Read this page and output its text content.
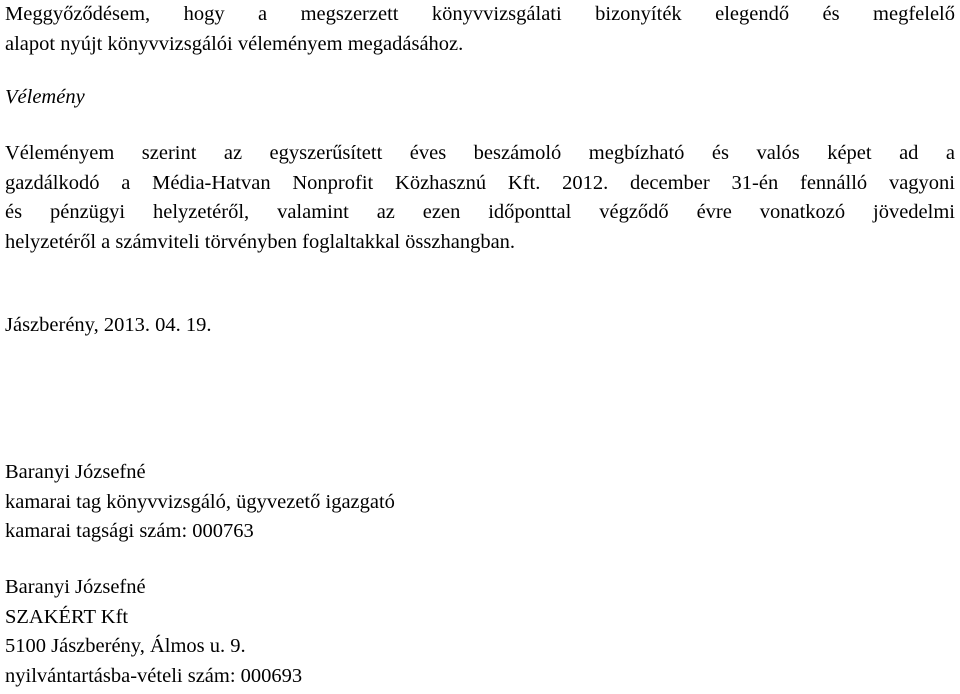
Meggyőződésem, hogy a megszerzett könyvvizsgálati bizonyíték elegendő és megfelelő
alapot nyújt könyvvizsgálói véleményem megadásához.

Vélemény

Véleményem szerint az egyszerűsített éves beszámoló megbízható és valós képet ad a
gazdálkodó a Média-Hatvan Nonprofit Közhasznú Kft. 2012. december 31-én fennálló vagyoni
és pénzügyi helyzetéről, valamint az ezen időponttal végződő évre vonatkozó jövedelmi
helyzetéről a számviteli törvényben foglaltakkal összhangban.

Jászberény, 2013. 04. 19.
Baranyi Józsefné
kamarai tag könyvvizsgáló, ügyvezető igazgató
kamarai tagsági szám: 000763
Baranyi Józsefné
SZAKÉRT Kft
5100 Jászberény, Álmos u. 9.
nyilvántartásba-vételi szám: 000693
